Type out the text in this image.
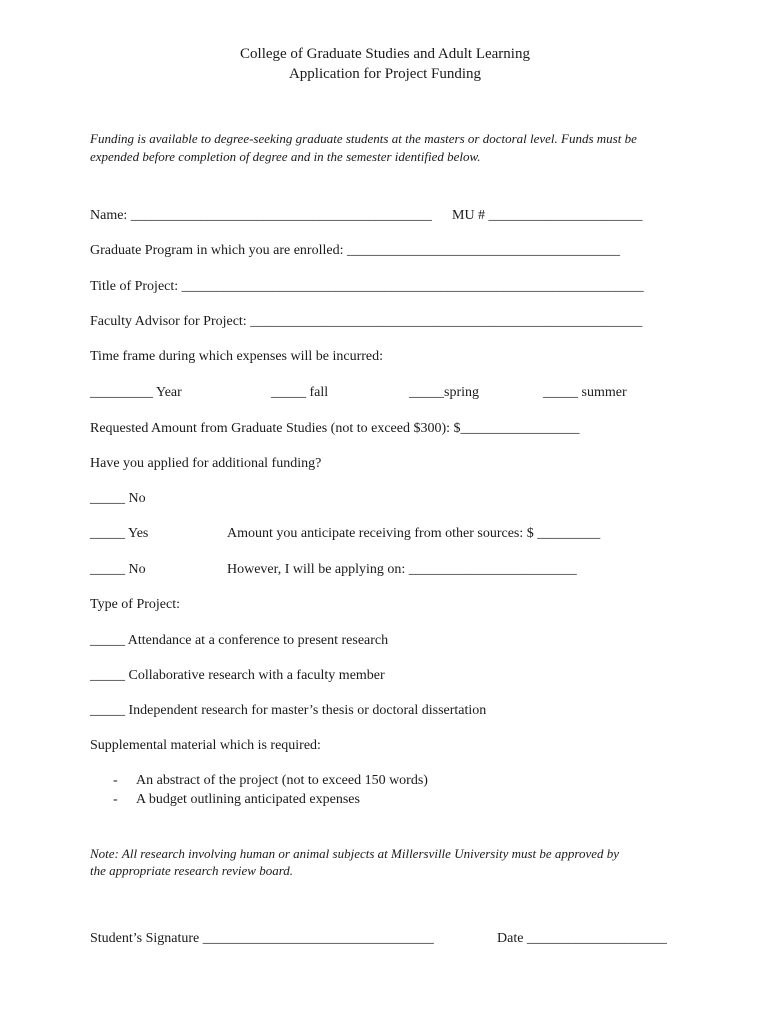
College of Graduate Studies and Adult Learning
Application for Project Funding
Funding is available to degree-seeking graduate students at the masters or doctoral level. Funds must be
expended before completion of degree and in the semester identified below.
Name: ___________________________________________ MU # ______________________
Graduate Program in which you are enrolled: _______________________________________
Title of Project: __________________________________________________________________
Faculty Advisor for Project: ________________________________________________________
Time frame during which expenses will be incurred:
_________ Year	_____ fall	_____spring	_____ summer
Requested Amount from Graduate Studies (not to exceed $300): $_________________
Have you applied for additional funding?
_____ No
_____ Yes	Amount you anticipate receiving from other sources: $ _________
_____ No	However, I will be applying on: ________________________
Type of Project:
_____ Attendance at a conference to present research
_____ Collaborative research with a faculty member
_____ Independent research for master’s thesis or doctoral dissertation
Supplemental material which is required:
- An abstract of the project (not to exceed 150 words)
- A budget outlining anticipated expenses
Note: All research involving human or animal subjects at Millersville University must be approved by
the appropriate research review board.
Student’s Signature _________________________________	Date ____________________
